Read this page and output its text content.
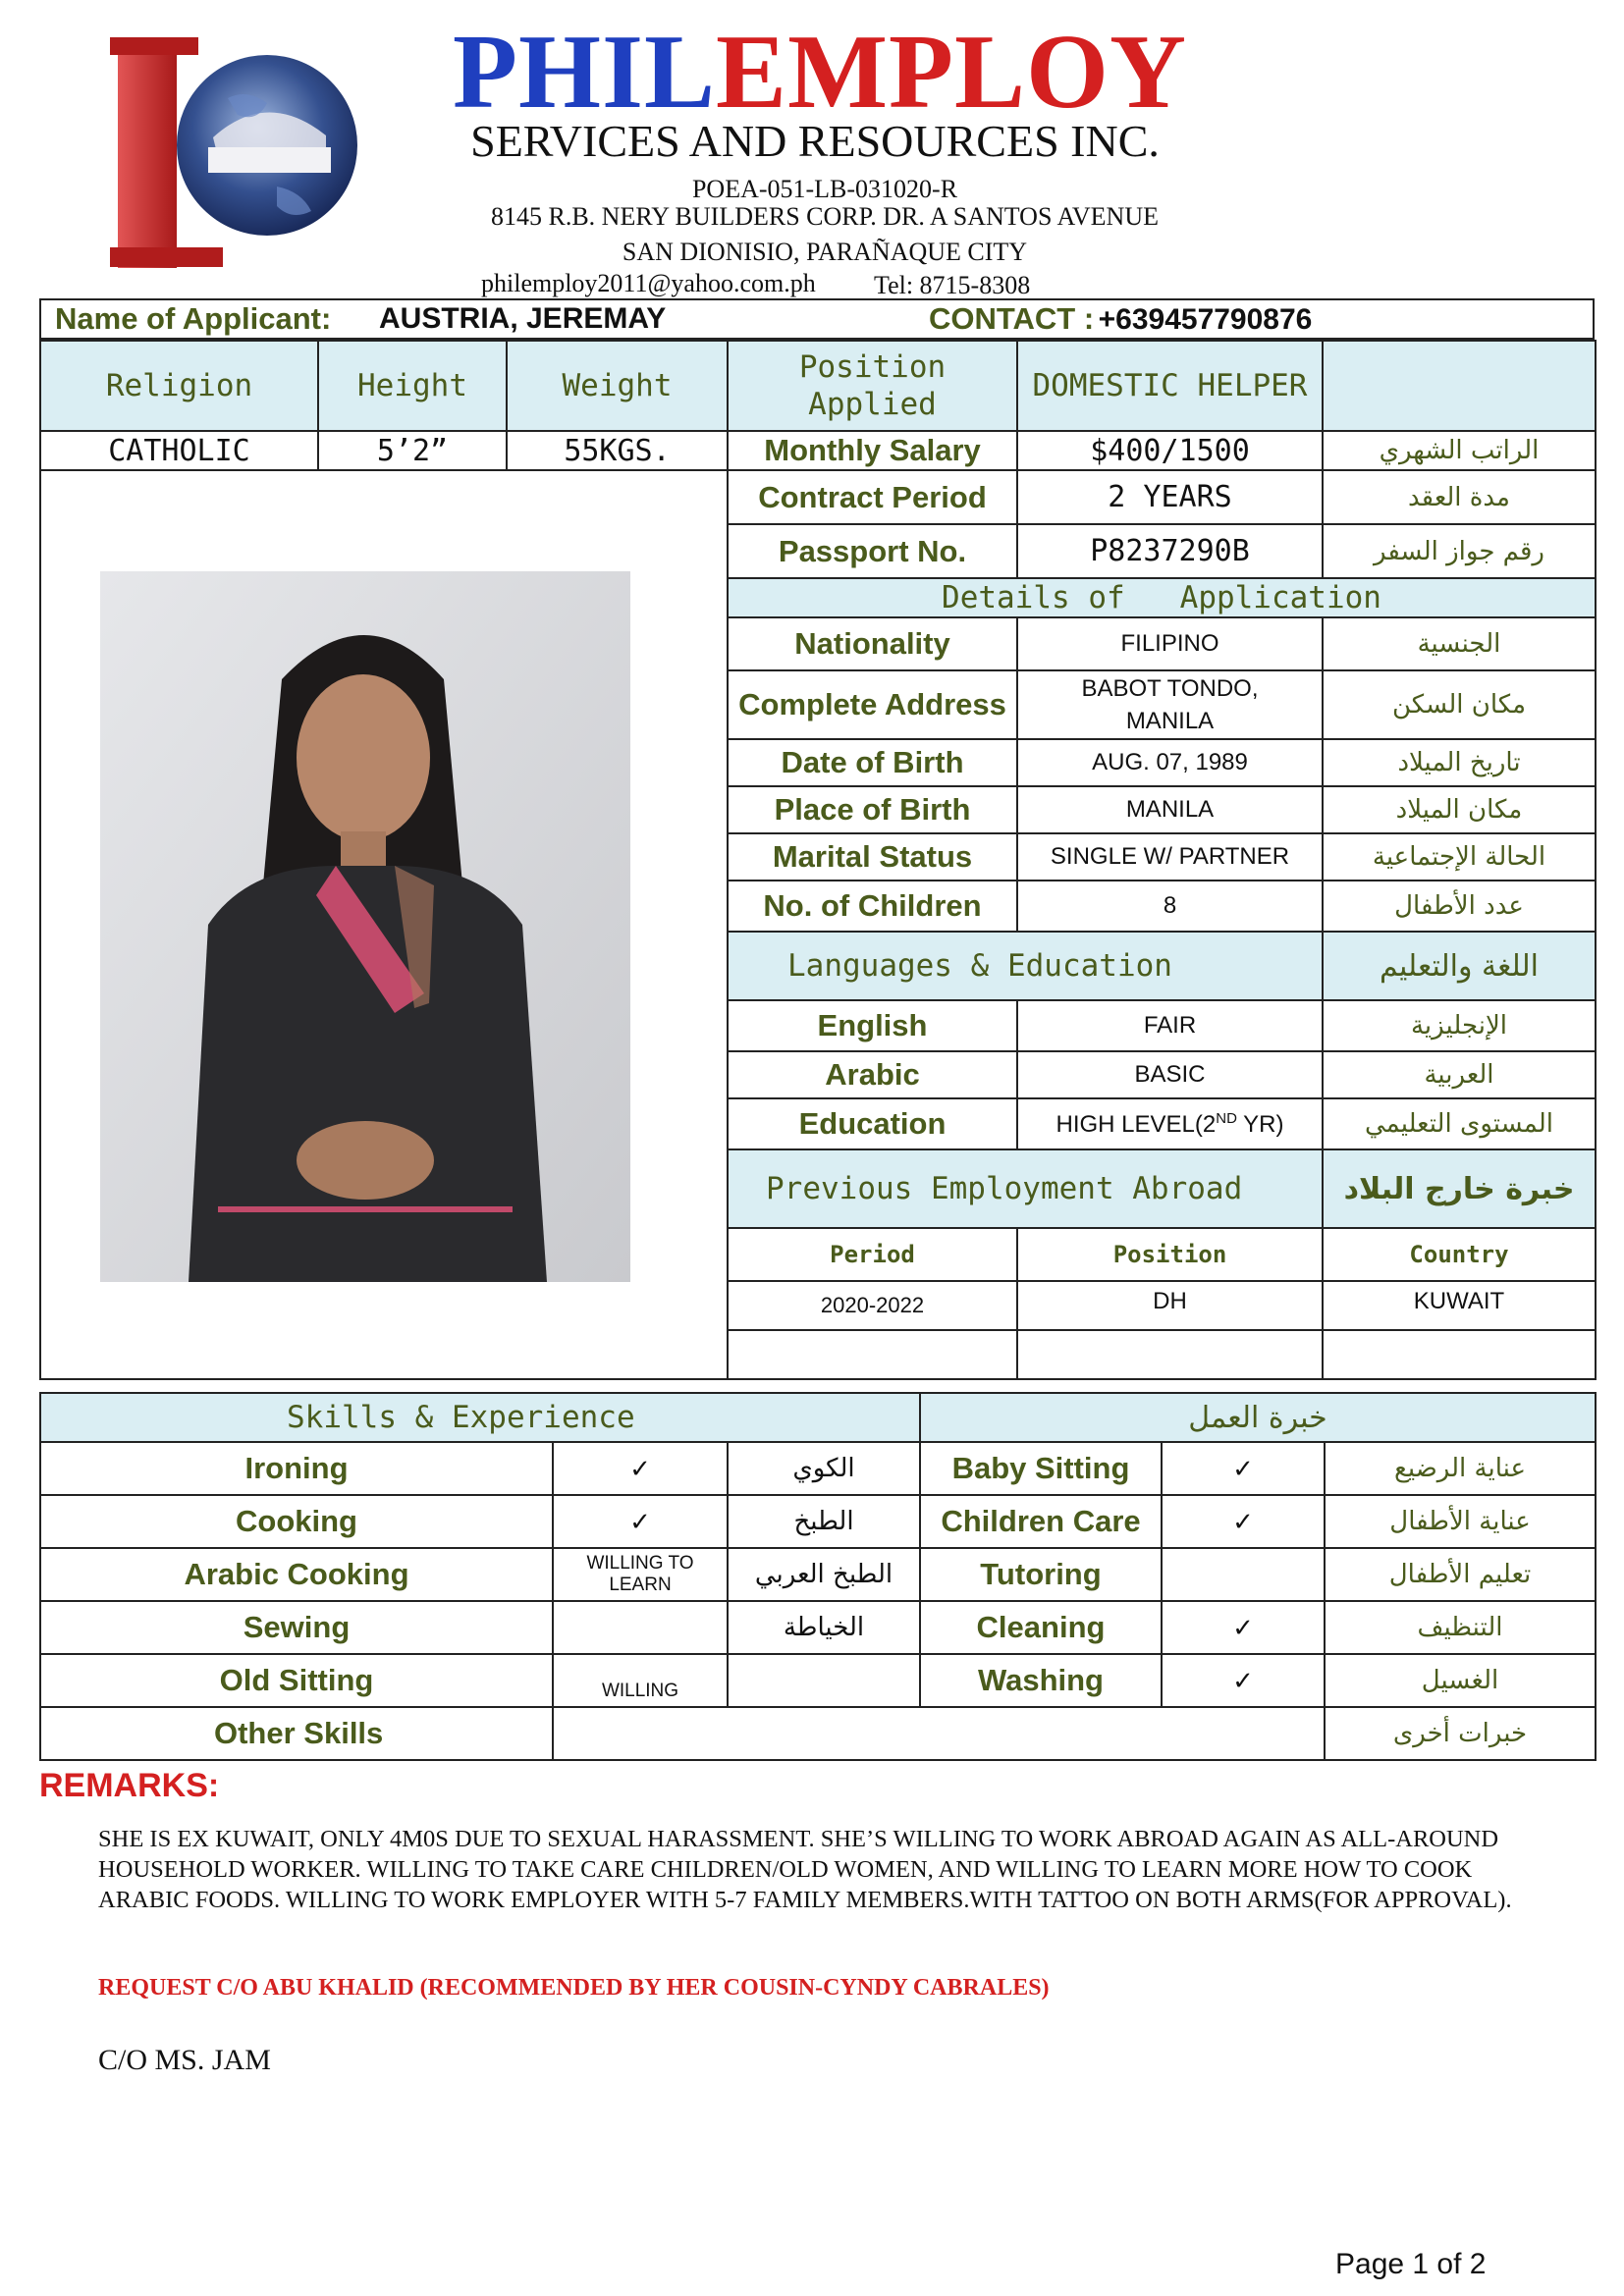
PHILEMPLOY
SERVICES AND RESOURCES INC.
POEA-051-LB-031020-R
8145 R.B. NERY BUILDERS CORP. DR. A SANTOS AVENUE
SAN DIONISIO, PARAÑAQUE CITY
philemploy2011@yahoo.com.ph Tel: 8715-8308
Name of Applicant:	AUSTRIA, JEREMAY	CONTACT : +639457790876
Religion	Height	Weight	Position Applied	DOMESTIC HELPER	
CATHOLIC	5’2”	55KGS.	Monthly Salary	$400/1500	الراتب الشهري
			Contract Period	2 YEARS	مدة العقد
			Passport No.	P8237290B	رقم جواز السفر
			Details of   Application		
			Nationality	FILIPINO	الجنسية
			Complete Address	BABOT TONDO, MANILA	مكان السكن
			Date of Birth	AUG. 07, 1989	تاريخ الميلاد
			Place of Birth	MANILA	مكان الميلاد
			Marital Status	SINGLE W/ PARTNER	الحالة الإجتماعية
			No. of Children	8	عدد الأطفال
			Languages & Education		اللغة والتعليم
			English	FAIR	الإنجليزية
			Arabic	BASIC	العربية
			Education	HIGH LEVEL(2ND YR)	المستوى التعليمي
			Previous Employment Abroad		خبرة خارج البلاد
			Period	Position	Country
			2020-2022	DH	KUWAIT

Skills & Experience			خبرة العمل		
Ironing	✓	الكوي	Baby Sitting	✓	عناية الرضيع
Cooking	✓	الطبخ	Children Care	✓	عناية الأطفال
Arabic Cooking	WILLING TO LEARN	الطبخ العربي	Tutoring		تعليم الأطفال
Sewing		الخياطة	Cleaning	✓	التنظيف
Old Sitting	WILLING		Washing	✓	الغسيل
Other Skills					خبرات أخرى
REMARKS:
SHE IS EX KUWAIT, ONLY 4M0S DUE TO SEXUAL HARASSMENT. SHE’S WILLING TO WORK ABROAD AGAIN AS ALL-AROUND HOUSEHOLD WORKER. WILLING TO TAKE CARE CHILDREN/OLD WOMEN, AND WILLING TO LEARN MORE HOW TO COOK ARABIC FOODS. WILLING TO WORK EMPLOYER WITH 5-7 FAMILY MEMBERS.WITH TATTOO ON BOTH ARMS(FOR APPROVAL).
REQUEST C/O ABU KHALID (RECOMMENDED BY HER COUSIN-CYNDY CABRALES)
C/O MS. JAM
Page 1 of 2
